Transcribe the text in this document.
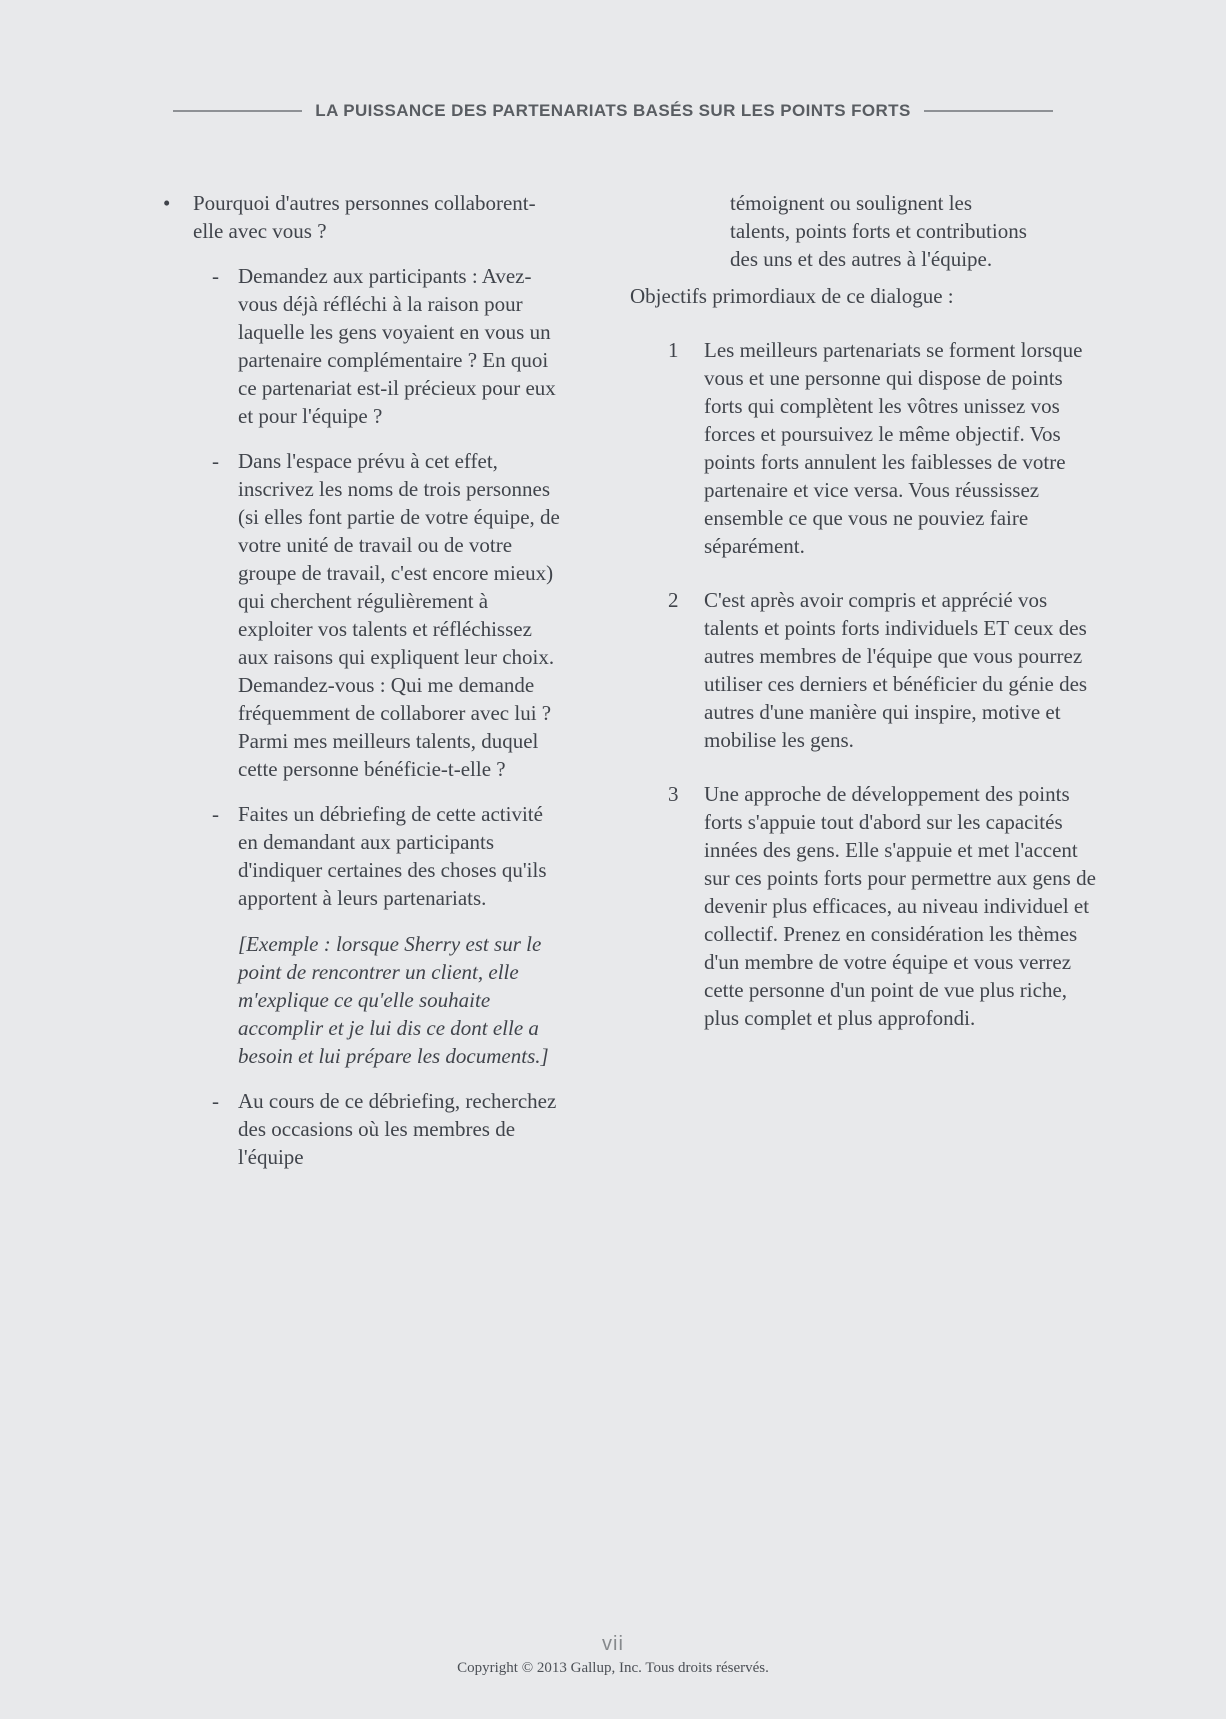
LA PUISSANCE DES PARTENARIATS BASÉS SUR LES POINTS FORTS
•	Pourquoi d'autres personnes collaborent-elle avec vous ?
- Demandez aux participants : Avez-vous déjà réfléchi à la raison pour laquelle les gens voyaient en vous un partenaire complémentaire ? En quoi ce partenariat est-il précieux pour eux et pour l'équipe ?
- Dans l'espace prévu à cet effet, inscrivez les noms de trois personnes (si elles font partie de votre équipe, de votre unité de travail ou de votre groupe de travail, c'est encore mieux) qui cherchent régulièrement à exploiter vos talents et réfléchissez aux raisons qui expliquent leur choix. Demandez-vous : Qui me demande fréquemment de collaborer avec lui ? Parmi mes meilleurs talents, duquel cette personne bénéficie-t-elle ?
- Faites un débriefing de cette activité en demandant aux participants d'indiquer certaines des choses qu'ils apportent à leurs partenariats.
[Exemple : lorsque Sherry est sur le point de rencontrer un client, elle m'explique ce qu'elle souhaite accomplir et je lui dis ce dont elle a besoin et lui prépare les documents.]
- Au cours de ce débriefing, recherchez des occasions où les membres de l'équipe
témoignent ou soulignent les talents, points forts et contributions des uns et des autres à l'équipe.
Objectifs primordiaux de ce dialogue :
1	Les meilleurs partenariats se forment lorsque vous et une personne qui dispose de points forts qui complètent les vôtres unissez vos forces et poursuivez le même objectif. Vos points forts annulent les faiblesses de votre partenaire et vice versa. Vous réussissez ensemble ce que vous ne pouviez faire séparément.
2	C'est après avoir compris et apprécié vos talents et points forts individuels ET ceux des autres membres de l'équipe que vous pourrez utiliser ces derniers et bénéficier du génie des autres d'une manière qui inspire, motive et mobilise les gens.
3	Une approche de développement des points forts s'appuie tout d'abord sur les capacités innées des gens. Elle s'appuie et met l'accent sur ces points forts pour permettre aux gens de devenir plus efficaces, au niveau individuel et collectif. Prenez en considération les thèmes d'un membre de votre équipe et vous verrez cette personne d'un point de vue plus riche, plus complet et plus approfondi.
vii
Copyright © 2013 Gallup, Inc. Tous droits réservés.
